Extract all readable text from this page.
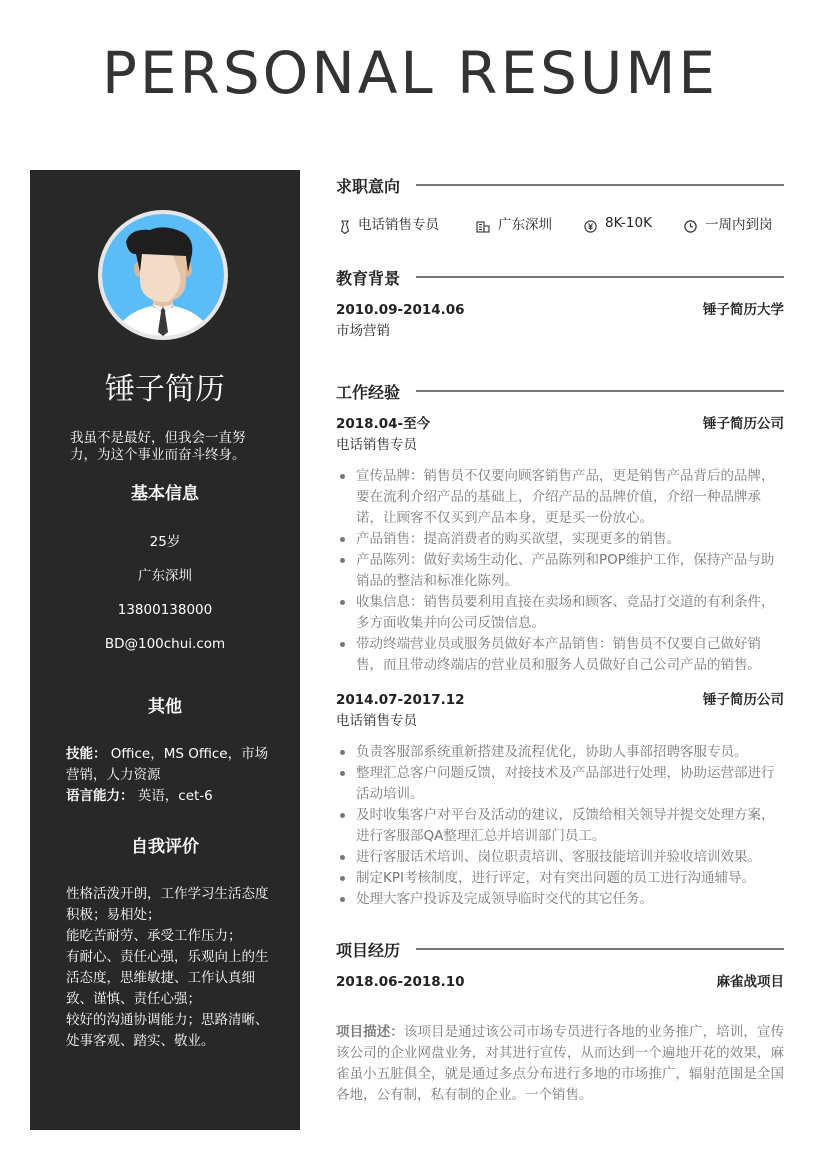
PERSONAL RESUME
锤子简历
我虽不是最好，但我会一直努力，为这个事业而奋斗终身。
基本信息
25岁
广东深圳
13800138000
BD@100chui.com
其他
技能： Office，MS Office，市场营销，人力资源
语言能力： 英语，cet-6
自我评价

性格活泼开朗，工作学习生活态度积极；易相处；

能吃苦耐劳、承受工作压力；

有耐心、责任心强，乐观向上的生活态度，思维敏捷、工作认真细致、谨慎、责任心强；

较好的沟通协调能力；思路清晰、处事客观、踏实、敬业。

求职意向
电话销售专员	广东深圳	8K-10K	一周内到岗
教育背景
2010.09-2014.06	锤子简历大学
市场营销
工作经验
2018.04-至今	锤子简历公司
电话销售专员
宣传品牌：销售员不仅要向顾客销售产品，更是销售产品背后的品牌，要在流利介绍产品的基础上，介绍产品的品牌价值，介绍一种品牌承诺，让顾客不仅买到产品本身，更是买一份放心。
产品销售：提高消费者的购买欲望，实现更多的销售。
产品陈列：做好卖场生动化、产品陈列和POP维护工作，保持产品与助销品的整洁和标准化陈列。
收集信息：销售员要利用直接在卖场和顾客、竞品打交道的有利条件，多方面收集并向公司反馈信息。
带动终端营业员或服务员做好本产品销售：销售员不仅要自己做好销售，而且带动终端店的营业员和服务人员做好自己公司产品的销售。
2014.07-2017.12	锤子简历公司
电话销售专员
负责客服部系统重新搭建及流程优化，协助人事部招聘客服专员。
整理汇总客户问题反馈，对接技术及产品部进行处理，协助运营部进行活动培训。
及时收集客户对平台及活动的建议，反馈给相关领导并提交处理方案，进行客服部QA整理汇总并培训部门员工。
进行客服话术培训、岗位职责培训、客服技能培训并验收培训效果。
制定KPI考核制度，进行评定，对有突出问题的员工进行沟通辅导。
处理大客户投诉及完成领导临时交代的其它任务。
项目经历
2018.06-2018.10	麻雀战项目
项目描述：该项目是通过该公司市场专员进行各地的业务推广，培训，宣传该公司的企业网盘业务，对其进行宣传，从而达到一个遍地开花的效果，麻雀虽小五脏俱全，就是通过多点分布进行多地的市场推广，辐射范围是全国各地，公有制，私有制的企业。一个销售。
